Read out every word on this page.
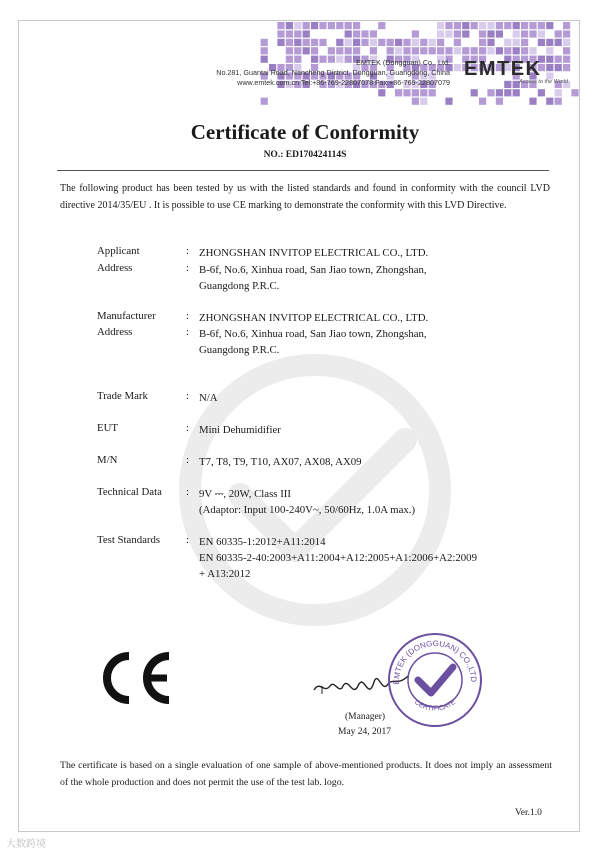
EMTEK (Dongguan) Co., Ltd.
No.281, Guantai Road, Nancheng District, Dongguan, Guangdong, China
www.emtek.com.cn Tel:+86-769-22807078 Fax:+86-769-22807079
EMTEK
Access to the World
Certificate of Conformity
NO.: ED170424114S
The following product has been tested by us with the listed standards and found in conformity with the council LVD directive 2014/35/EU . It is possible to use CE marking to demonstrate the conformity with this LVD Directive.
Applicant	: ZHONGSHAN INVITOP ELECTRICAL CO., LTD.
Address	: B-6f, No.6, Xinhua road, San Jiao town, Zhongshan,
Guangdong P.R.C.
Manufacturer	: ZHONGSHAN INVITOP ELECTRICAL CO., LTD.
Address	: B-6f, No.6, Xinhua road, San Jiao town, Zhongshan,
Guangdong P.R.C.
Trade Mark	: N/A
EUT	: Mini Dehumidifier
M/N	: T7, T8, T9, T10, AX07, AX08, AX09
Technical Data : 9V ⎓, 20W, Class III
(Adaptor: Input 100-240V~, 50/60Hz, 1.0A max.)
Test Standards : EN 60335-1:2012+A11:2014
EN 60335-2-40:2003+A11:2004+A12:2005+A1:2006+A2:2009
+ A13:2012
EMTEK (DONGGUAN) CO.,LTD
CERTIFICATE
(Manager)
May 24, 2017
The certificate is based on a single evaluation of one sample of above-mentioned products. It does not imply an assessment of the whole production and does not permit the use of the test lab. logo.
Ver.1.0
大数跨境
